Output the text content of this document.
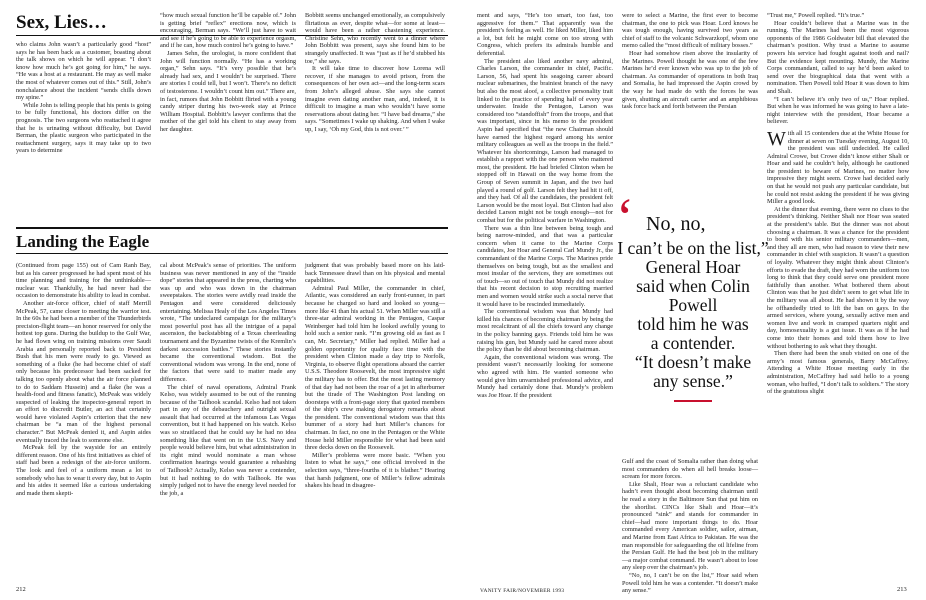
Sex, Lies…

who claims John wasn’t a particularly good “host” says he has been back as a customer, boasting about the talk shows on which he will appear. “I don’t know how much he’s got going for him,” he says. “He was a host at a restaurant. He may as well make the most of whatever comes out of this.” Still, John’s nonchalance about the incident “sends chills down my spine.”

While John is telling people that his penis is going to be fully functional, his doctors differ on the prognosis. The two surgeons who reattached it agree that he is urinating without difficulty, but David Berman, the plastic surgeon who participated in the reattachment surgery, says it may take up to two years to determine

“how much sexual function he’ll be capable of.” John is getting brief “reflex” erections now, which is encouraging, Berman says. “We’ll just have to wait and see if he’s going to be able to experience orgasm, and if he can, how much control he’s going to have.”

James Sehn, the urologist, is more confident that John will function normally. “He has a working organ,” Sehn says. “It’s very possible that he’s already had sex, and I wouldn’t be surprised. There are stories I could tell, but I won’t. There’s no deficit of testosterone. I wouldn’t count him out.” There are, in fact, rumors that John Bobbitt flirted with a young candy striper during his two-week stay at Prince William Hospital. Bobbitt’s lawyer confirms that the mother of the girl told his client to stay away from her daughter.

Bobbitt seems unchanged emotionally, as compulsively flirtatious as ever, despite what—for some at least—would have been a rather chastening experience. Christine Sehn, who recently went to a dinner where John Bobbitt was present, says she found him to be strangely unaffected. It was “just as if he’d stubbed his toe,” she says.

It will take time to discover how Lorena will recover, if she manages to avoid prison, from the consequences of her own act—and the long-term scars from John’s alleged abuse. She says she cannot imagine even dating another man, and, indeed, it is difficult to imagine a man who wouldn’t have some reservations about dating her. “I have bad dreams,” she says. “Sometimes I wake up shaking. And when I wake up, I say, ‘Oh my God, this is not over.’ ”

Landing the Eagle

(Continued from page 155) out of Cam Ranh Bay, but as his career progressed he had spent most of his time planning and training for the unthinkable—nuclear war. Thankfully, he had never had the occasion to demonstrate his ability to lead in combat.

Another air-force officer, chief of staff Merrill McPeak, 57, came closer to meeting the warrior test. In the 60s he had been a member of the Thunderbirds precision-flight team—an honor reserved for only the hottest top guns. During the buildup to the Gulf War, he had flown wing on training missions over Saudi Arabia and personally reported back to President Bush that his men were ready to go. Viewed as something of a fluke (he had become chief of staff only because his predecessor had been sacked for talking too openly about what the air force planned to do to Saddam Hussein) and a flake (he was a health-food and fitness fanatic), McPeak was widely suspected of leaking the inspector-general report in an effort to discredit Butler, an act that certainly would have violated Aspin’s criterion that the new chairman be “a man of the highest personal character.” But McPeak denied it, and Aspin aides eventually traced the leak to someone else.

McPeak fell by the wayside for an entirely different reason. One of his first initiatives as chief of staff had been a redesign of the air-force uniform. The look and feel of a uniform mean a lot to somebody who has to wear it every day, but to Aspin and his aides it seemed like a curious undertaking and made them skepti-

cal about McPeak’s sense of priorities. The uniform business was never mentioned in any of the “inside dope” stories that appeared in the press, charting who was up and who was down in the chairman sweepstakes. The stories were avidly read inside the Pentagon and were considered deliciously entertaining. Melissa Healy of the Los Angeles Times wrote, “The undeclared campaign for the military’s most powerful post has all the intrigue of a papal ascension, the backstabbing of a Texas cheerleading tournament and the Byzantine twists of the Kremlin’s darkest succession battles.” These stories instantly became the conventional wisdom. But the conventional wisdom was wrong. In the end, none of the factors that were said to matter made any difference.

The chief of naval operations, Admiral Frank Kelso, was widely assumed to be out of the running because of the Tailhook scandal. Kelso had not taken part in any of the debauchery and outright sexual assault that had occurred at the infamous Las Vegas convention, but it had happened on his watch. Kelso was so straitlaced that he could say he had no idea something like that went on in the U.S. Navy and people would believe him, but what administration in its right mind would nominate a man whose confirmation hearings would guarantee a rehashing of Tailhook? Actually, Kelso was never a contender, but it had nothing to do with Tailhook. He was simply judged not to have the energy level needed for the job, a

judgment that was probably based more on his laid-back Tennessee drawl than on his physical and mental capabilities.

Admiral Paul Miller, the commander in chief, Atlantic, was considered an early front-runner, in part because he charged so hard and looked so young—more like 41 than his actual 51. When Miller was still a three-star admiral working in the Pentagon, Caspar Weinberger had told him he looked awfully young to hold such a senior rank. “I’m growing old as fast as I can, Mr. Secretary,” Miller had replied. Miller had a golden opportunity for quality face time with the president when Clinton made a day trip to Norfolk, Virginia, to observe flight operations aboard the carrier U.S.S. Theodore Roosevelt, the most impressive sight the military has to offer. But the most lasting memory of that day had not been the roar of a jet in afterburner but the tirade of The Washington Post landing on doorsteps with a front-page story that quoted members of the ship’s crew making derogatory remarks about the president. The conventional wisdom was that this bummer of a story had hurt Miller’s chances for chairman. In fact, no one in the Pentagon or the White House held Miller responsible for what had been said three decks down on the Roosevelt.

Miller’s problems were more basic. “When you listen to what he says,” one official involved in the selection says, “three-fourths of it is blather.” Hearing that harsh judgment, one of Miller’s fellow admirals shakes his head in disagree-

ment and says, “He’s too smart, too fast, too aggressive for them.” That apparently was the president’s feeling as well. He liked Miller, liked him a lot, but felt he might come on too strong with Congress, which prefers its admirals humble and deferential.

The president also liked another navy admiral, Charles Larson, the commander in chief, Pacific. Larson, 56, had spent his seagoing career aboard nuclear submarines, the brainiest branch of the navy but also the most aloof, a collective personality trait linked to the practice of spending half of every year underwater. Inside the Pentagon, Larson was considered too “standoffish” from the troops, and that was important, since in his memo to the president Aspin had specified that “the new Chairman should have earned the highest regard among his senior military colleagues as well as the troops in the field.” Whatever his shortcomings, Larson had managed to establish a rapport with the one person who mattered most, the president. He had briefed Clinton when he stopped off in Hawaii on the way home from the Group of Seven summit in Japan, and the two had played a round of golf. Larson felt they had hit it off, and they had. Of all the candidates, the president felt Larson would be the most loyal. But Clinton had also decided Larson might not be tough enough—not for combat but for the political warfare in Washington.

There was a thin line between being tough and being narrow-minded, and that was a particular concern when it came to the Marine Corps candidates, Joe Hoar and General Carl Mundy Jr., the commandant of the Marine Corps. The Marines pride themselves on being tough, but as the smallest and most insular of the services, they are sometimes out of touch—so out of touch that Mundy did not realize that his recent decision to stop recruiting married men and women would strike such a social nerve that it would have to be rescinded immediately.

The conventional wisdom was that Mundy had killed his chances of becoming chairman by being the most recalcitrant of all the chiefs toward any change in the policy banning gays. Friends told him he was raising his gun, but Mundy said he cared more about the policy than he did about becoming chairman.

Again, the conventional wisdom was wrong. The president wasn’t necessarily looking for someone who agreed with him. He wanted someone who would give him unvarnished professional advice, and Mundy had certainly done that. Mundy’s problem was Joe Hoar. If the president

were to select a Marine, the first ever to become chairman, the one to pick was Hoar. Lord knows he was tough enough, having survived two years as chief of staff to the volcanic Schwarzkopf, whom one memo called the “most difficult of military bosses.”

Hoar had somehow risen above the insularity of the Marines. Powell thought he was one of the few Marines he’d ever known who was up to the job of chairman. As commander of operations in both Iraq and Somalia, he had impressed the Aspin crowd by the way he had made do with the forces he was given, shutting an aircraft carrier and an amphibious task force back and forth between the Persian

‘ No, no,
I can’t be on the list,”
General Hoar
said when Colin Powell
told him he was
a contender.
“It doesn’t make
any sense.”

Gulf and the coast of Somalia rather than doing what most commanders do when all hell breaks loose—scream for more forces.

Like Shali, Hoar was a reluctant candidate who hadn’t even thought about becoming chairman until he read a story in the Baltimore Sun that put him on the shortlist. CINCs like Shali and Hoar—it’s pronounced “sink” and stands for commander in chief—had more important things to do. Hoar commanded every American soldier, sailor, airman, and Marine from East Africa to Pakistan. He was the man responsible for safeguarding the oil lifeline from the Persian Gulf. He had the best job in the military—a major combat command. He wasn’t about to lose any sleep over the chairman’s job.

“No, no, I can’t be on the list,” Hoar said when Powell told him he was a contender. “It doesn’t make any sense.”

“Trust me,” Powell replied. “It’s true.”

Hoar couldn’t believe that a Marine was in the running. The Marines had been the most vigorous opponents of the 1986 Goldwater bill that elevated the chairman’s position. Why trust a Marine to assume powers his service had fought against tooth and nail? But the evidence kept mounting. Mundy, the Marine Corps commandant, called to say he’d been asked to send over the biographical data that went with a nomination. Then Powell told Hoar it was down to him and Shali.

“I can’t believe it’s only two of us,” Hoar replied. But when he was informed he was going to have a late-night interview with the president, Hoar became a believer.

With all 15 contenders due at the White House for dinner at seven on Tuesday evening, August 10, the president was still undecided. He called Admiral Crowe, but Crowe didn’t know either Shali or Hoar and said he couldn’t help, although he cautioned the president to beware of Marines, no matter how impressive they might seem. Crowe had decided early on that he would not push any particular candidate, but he could not resist asking the president if he was giving Miller a good look.

At the dinner that evening, there were no clues to the president’s thinking. Neither Shali nor Hoar was seated at the president’s table. But the dinner was not about choosing a chairman. It was a chance for the president to bond with his senior military commanders—men, and they all are men, who had reason to view their new commander in chief with suspicion. It wasn’t a question of loyalty. Whatever they might think about Clinton’s efforts to evade the draft, they had worn the uniform too long to think that they could serve one president more faithfully than another. What bothered them about Clinton was that he just didn’t seem to get what life in the military was all about. He had shown it by the way he offhandedly tried to lift the ban on gays. In the armed services, where young, sexually active men and women live and work in cramped quarters night and day, homosexuality is a gut issue. It was as if he had come into their homes and told them how to live without bothering to ask what they thought.

Then there had been the snub visited on one of the army’s most famous generals, Barry McCaffrey. Attending a White House meeting early in the administration, McCaffrey had said hello to a young woman, who huffed, “I don’t talk to soldiers.” The story of the gratuitous slight

212	VANITY FAIR/NOVEMBER 1993	213
